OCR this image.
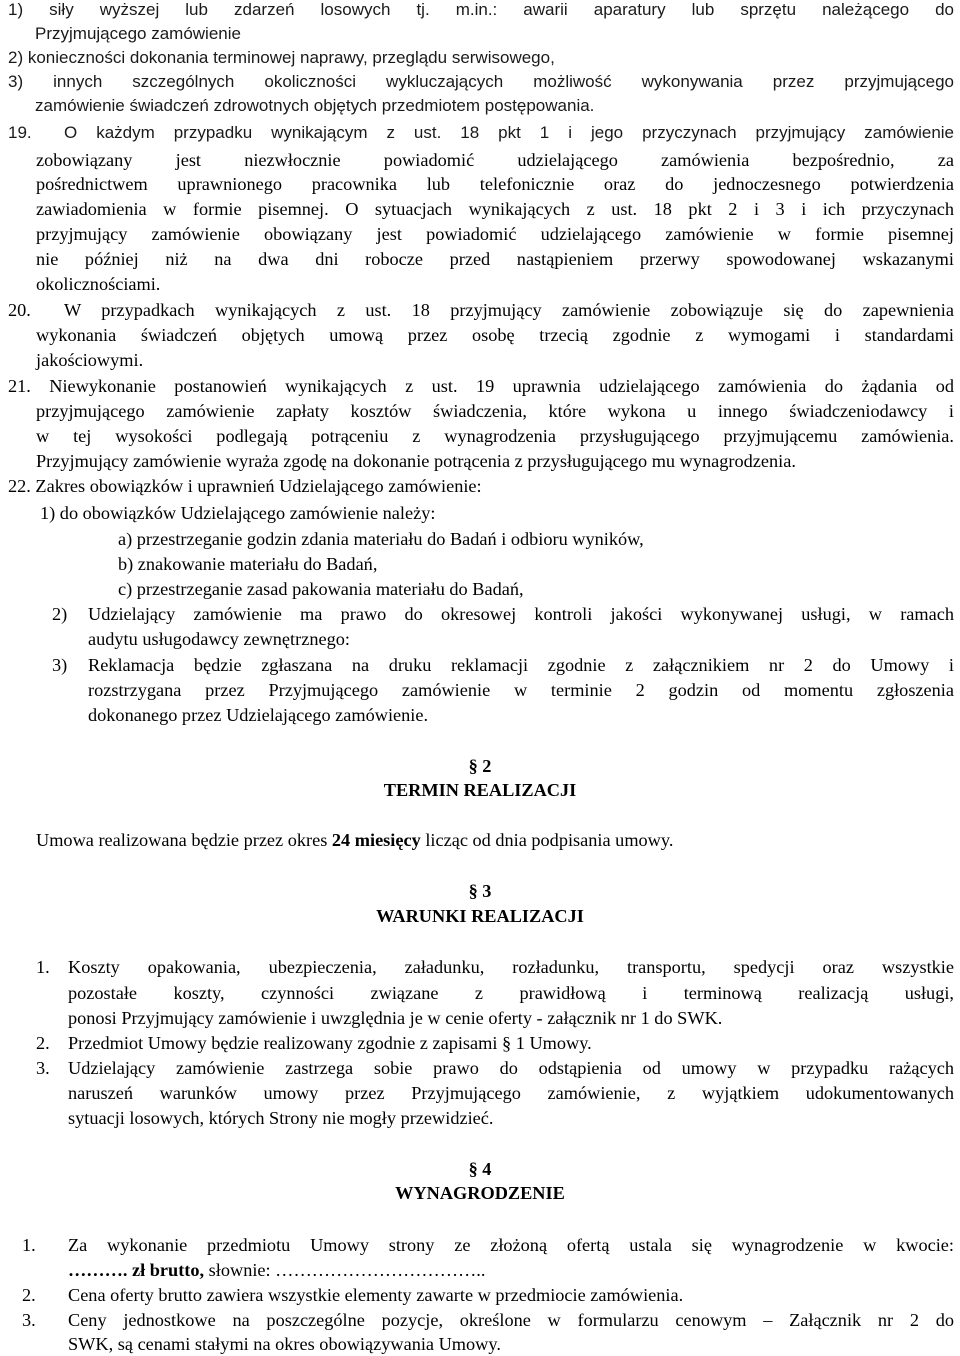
1) siły wyższej lub zdarzeń losowych tj. m.in.: awarii aparatury lub sprzętu należącego do
Przyjmującego zamówienie
2) konieczności dokonania terminowej naprawy, przeglądu serwisowego,
3) innych szczególnych okoliczności wykluczających możliwość wykonywania przez przyjmującego
zamówienie świadczeń zdrowotnych objętych przedmiotem postępowania.
19.	O każdym przypadku wynikającym z ust. 18 pkt 1 i jego przyczynach przyjmujący zamówienie
zobowiązany jest niezwłocznie powiadomić udzielającego zamówienia bezpośrednio, za
pośrednictwem uprawnionego pracownika lub telefonicznie oraz do jednoczesnego potwierdzenia
zawiadomienia w formie pisemnej. O sytuacjach wynikających z ust. 18 pkt 2 i 3 i ich przyczynach
przyjmujący zamówienie obowiązany jest powiadomić udzielającego zamówienie w formie pisemnej
nie później niż na dwa dni robocze przed nastąpieniem przerwy spowodowanej wskazanymi
okolicznościami.
20.	W przypadkach wynikających z ust. 18 przyjmujący zamówienie zobowiązuje się do zapewnienia
wykonania świadczeń objętych umową przez osobę trzecią zgodnie z wymogami i standardami
jakościowymi.
21. Niewykonanie postanowień wynikających z ust. 19 uprawnia udzielającego zamówienia do żądania od
przyjmującego zamówienie zapłaty kosztów świadczenia, które wykona u innego świadczeniodawcy i
w tej wysokości podlegają potrąceniu z wynagrodzenia przysługującego przyjmującemu zamówienia.
Przyjmujący zamówienie wyraża zgodę na dokonanie potrącenia z przysługującego mu wynagrodzenia.
22. Zakres obowiązków i uprawnień Udzielającego zamówienie:
1) do obowiązków Udzielającego zamówienie należy:
a) przestrzeganie godzin zdania materiału do Badań i odbioru wyników,
b) znakowanie materiału do Badań,
c) przestrzeganie zasad pakowania materiału do Badań,
2)	Udzielający zamówienie ma prawo do okresowej kontroli jakości wykonywanej usługi, w ramach
audytu usługodawcy zewnętrznego:
3)	Reklamacja będzie zgłaszana na druku reklamacji zgodnie z załącznikiem nr 2 do Umowy i
rozstrzygana przez Przyjmującego zamówienie w terminie 2 godzin od momentu zgłoszenia
dokonanego przez Udzielającego zamówienie.
§ 2
TERMIN REALIZACJI
Umowa realizowana będzie przez okres 24 miesięcy licząc od dnia podpisania umowy.
§ 3
WARUNKI REALIZACJI
1. Koszty opakowania, ubezpieczenia, załadunku, rozładunku, transportu, spedycji oraz wszystkie
pozostałe koszty, czynności związane z prawidłową i terminową realizacją usługi,
ponosi Przyjmujący zamówienie i uwzględnia je w cenie oferty - załącznik nr 1 do SWK.
2. Przedmiot Umowy będzie realizowany zgodnie z zapisami § 1 Umowy.
3. Udzielający zamówienie zastrzega sobie prawo do odstąpienia od umowy w przypadku rażących
naruszeń warunków umowy przez Przyjmującego zamówienie, z wyjątkiem udokumentowanych
sytuacji losowych, których Strony nie mogły przewidzieć.
§ 4
WYNAGRODZENIE
1.	Za wykonanie przedmiotu Umowy strony ze złożoną ofertą ustala się wynagrodzenie w kwocie:
………. zł brutto, słownie: ……………………………..
2.	Cena oferty brutto zawiera wszystkie elementy zawarte w przedmiocie zamówienia.
3.	Ceny jednostkowe na poszczególne pozycje, określone w formularzu cenowym – Załącznik nr 2 do
SWK, są cenami stałymi na okres obowiązywania Umowy.
